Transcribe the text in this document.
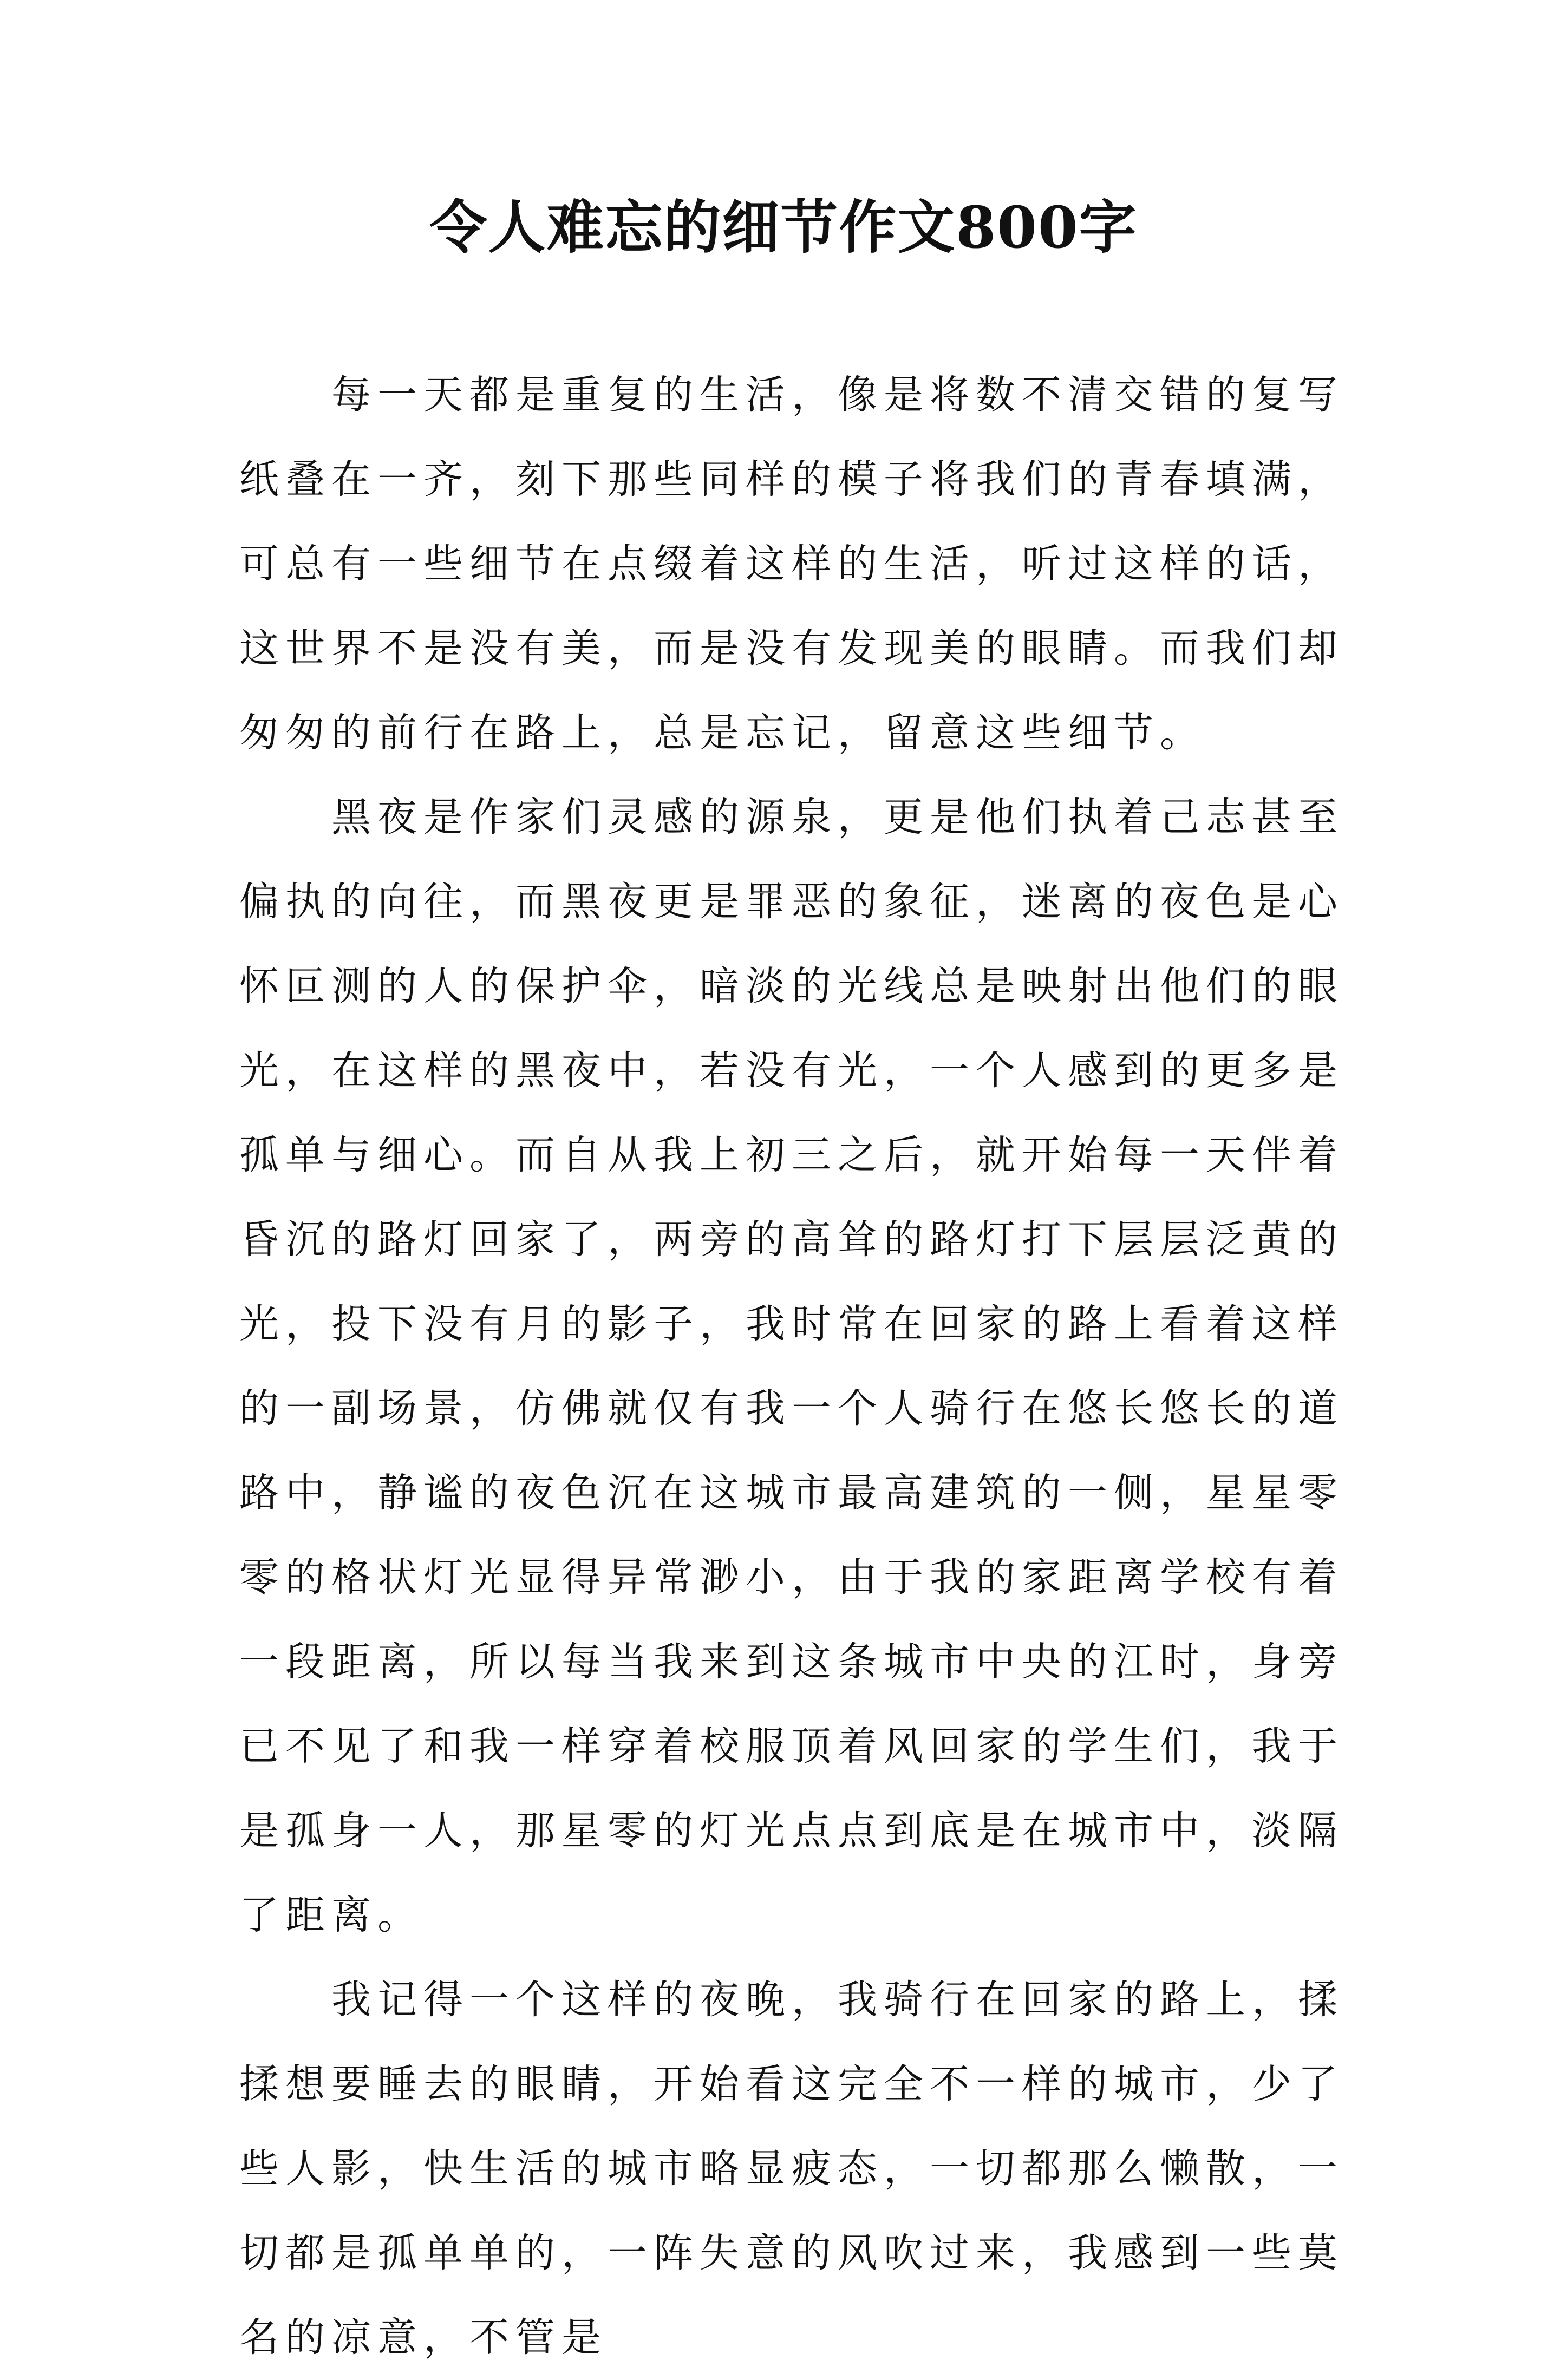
令人难忘的细节作文800字

每一天都是重复的生活，像是将数不清交错的复写纸叠在一齐，刻下那些同样的模子将我们的青春填满，可总有一些细节在点缀着这样的生活，听过这样的话，这世界不是没有美，而是没有发现美的眼睛。而我们却匆匆的前行在路上，总是忘记，留意这些细节。

黑夜是作家们灵感的源泉，更是他们执着己志甚至偏执的向往，而黑夜更是罪恶的象征，迷离的夜色是心怀叵测的人的保护伞，暗淡的光线总是映射出他们的眼光，在这样的黑夜中，若没有光，一个人感到的更多是孤单与细心。而自从我上初三之后，就开始每一天伴着昏沉的路灯回家了，两旁的高耸的路灯打下层层泛黄的光，投下没有月的影子，我时常在回家的路上看着这样的一副场景，仿佛就仅有我一个人骑行在悠长悠长的道路中，静谧的夜色沉在这城市最高建筑的一侧，星星零零的格状灯光显得异常渺小，由于我的家距离学校有着一段距离，所以每当我来到这条城市中央的江时，身旁已不见了和我一样穿着校服顶着风回家的学生们，我于是孤身一人，那星零的灯光点点到底是在城市中，淡隔了距离。

我记得一个这样的夜晚，我骑行在回家的路上，揉揉想要睡去的眼睛，开始看这完全不一样的城市，少了些人影，快生活的城市略显疲态，一切都那么懒散，一切都是孤单单的，一阵失意的风吹过来，我感到一些莫名的凉意，不管是
